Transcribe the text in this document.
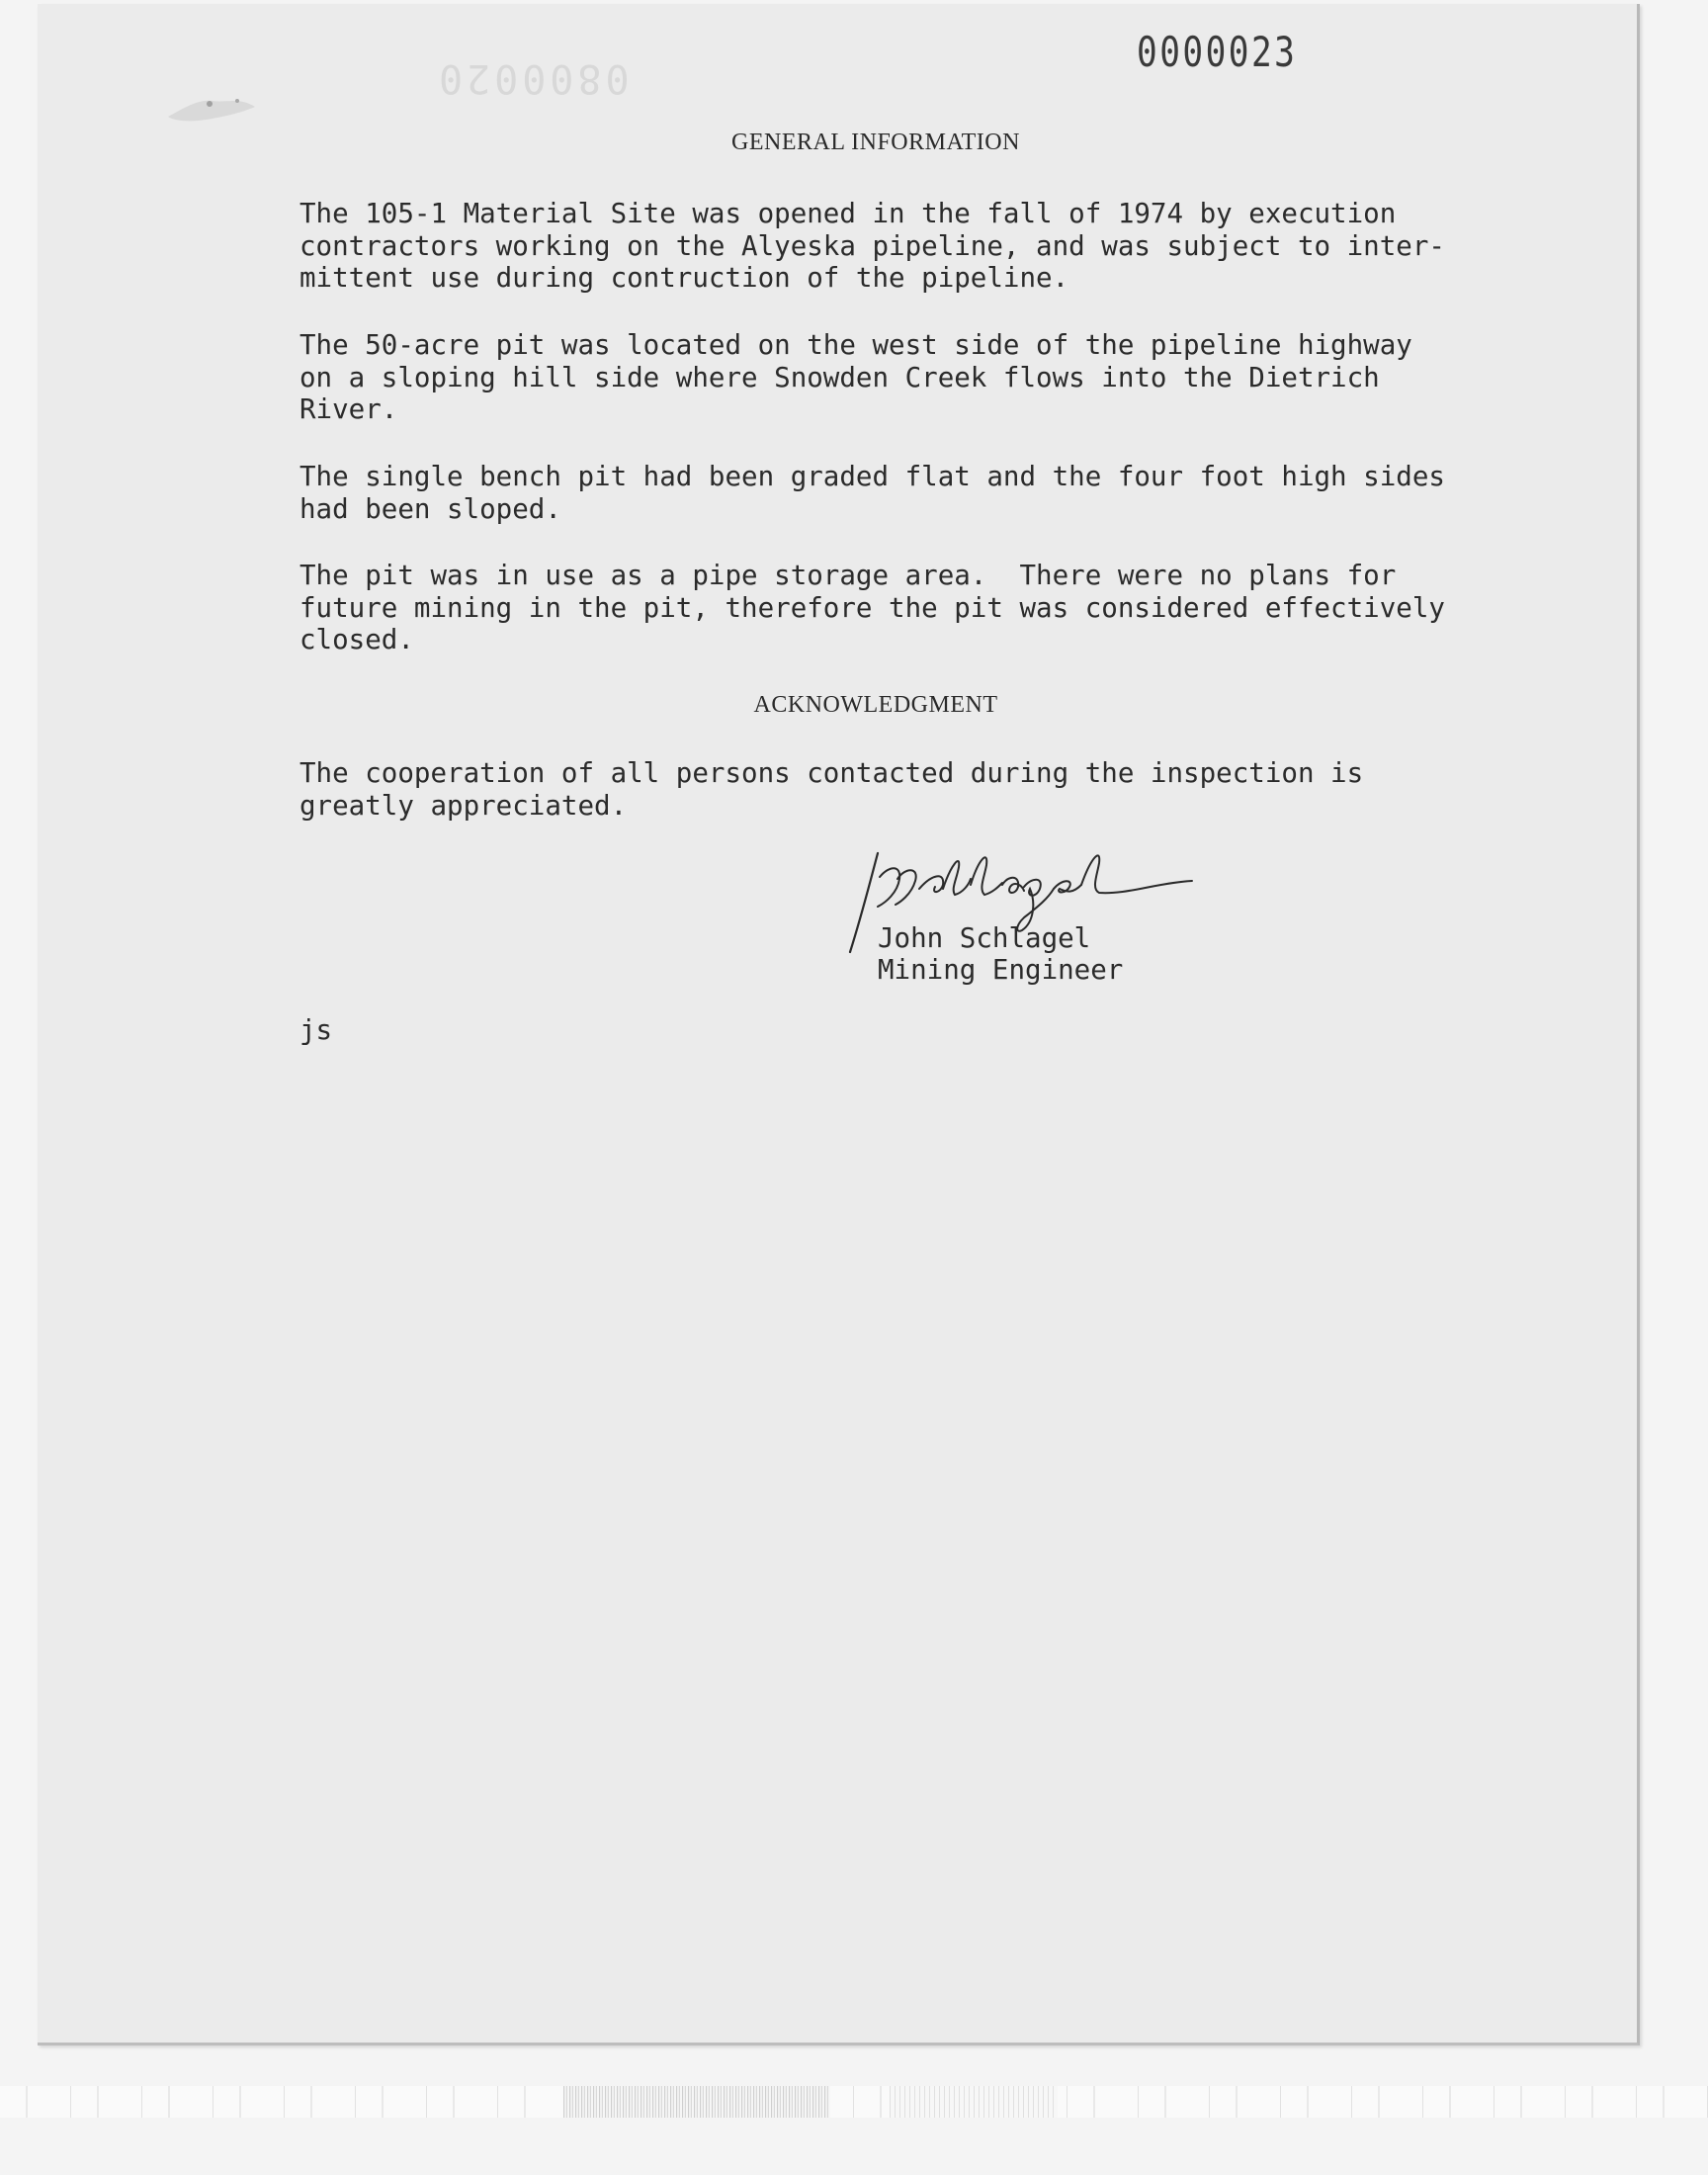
0800020
0000023
GENERAL INFORMATION
The 105-1 Material Site was opened in the fall of 1974 by execution
contractors working on the Alyeska pipeline, and was subject to inter-
mittent use during contruction of the pipeline.
The 50-acre pit was located on the west side of the pipeline highway
on a sloping hill side where Snowden Creek flows into the Dietrich
River.
The single bench pit had been graded flat and the four foot high sides
had been sloped.
The pit was in use as a pipe storage area.  There were no plans for
future mining in the pit, therefore the pit was considered effectively
closed.
ACKNOWLEDGMENT
The cooperation of all persons contacted during the inspection is
greatly appreciated.
John Schlagel
Mining Engineer
js
